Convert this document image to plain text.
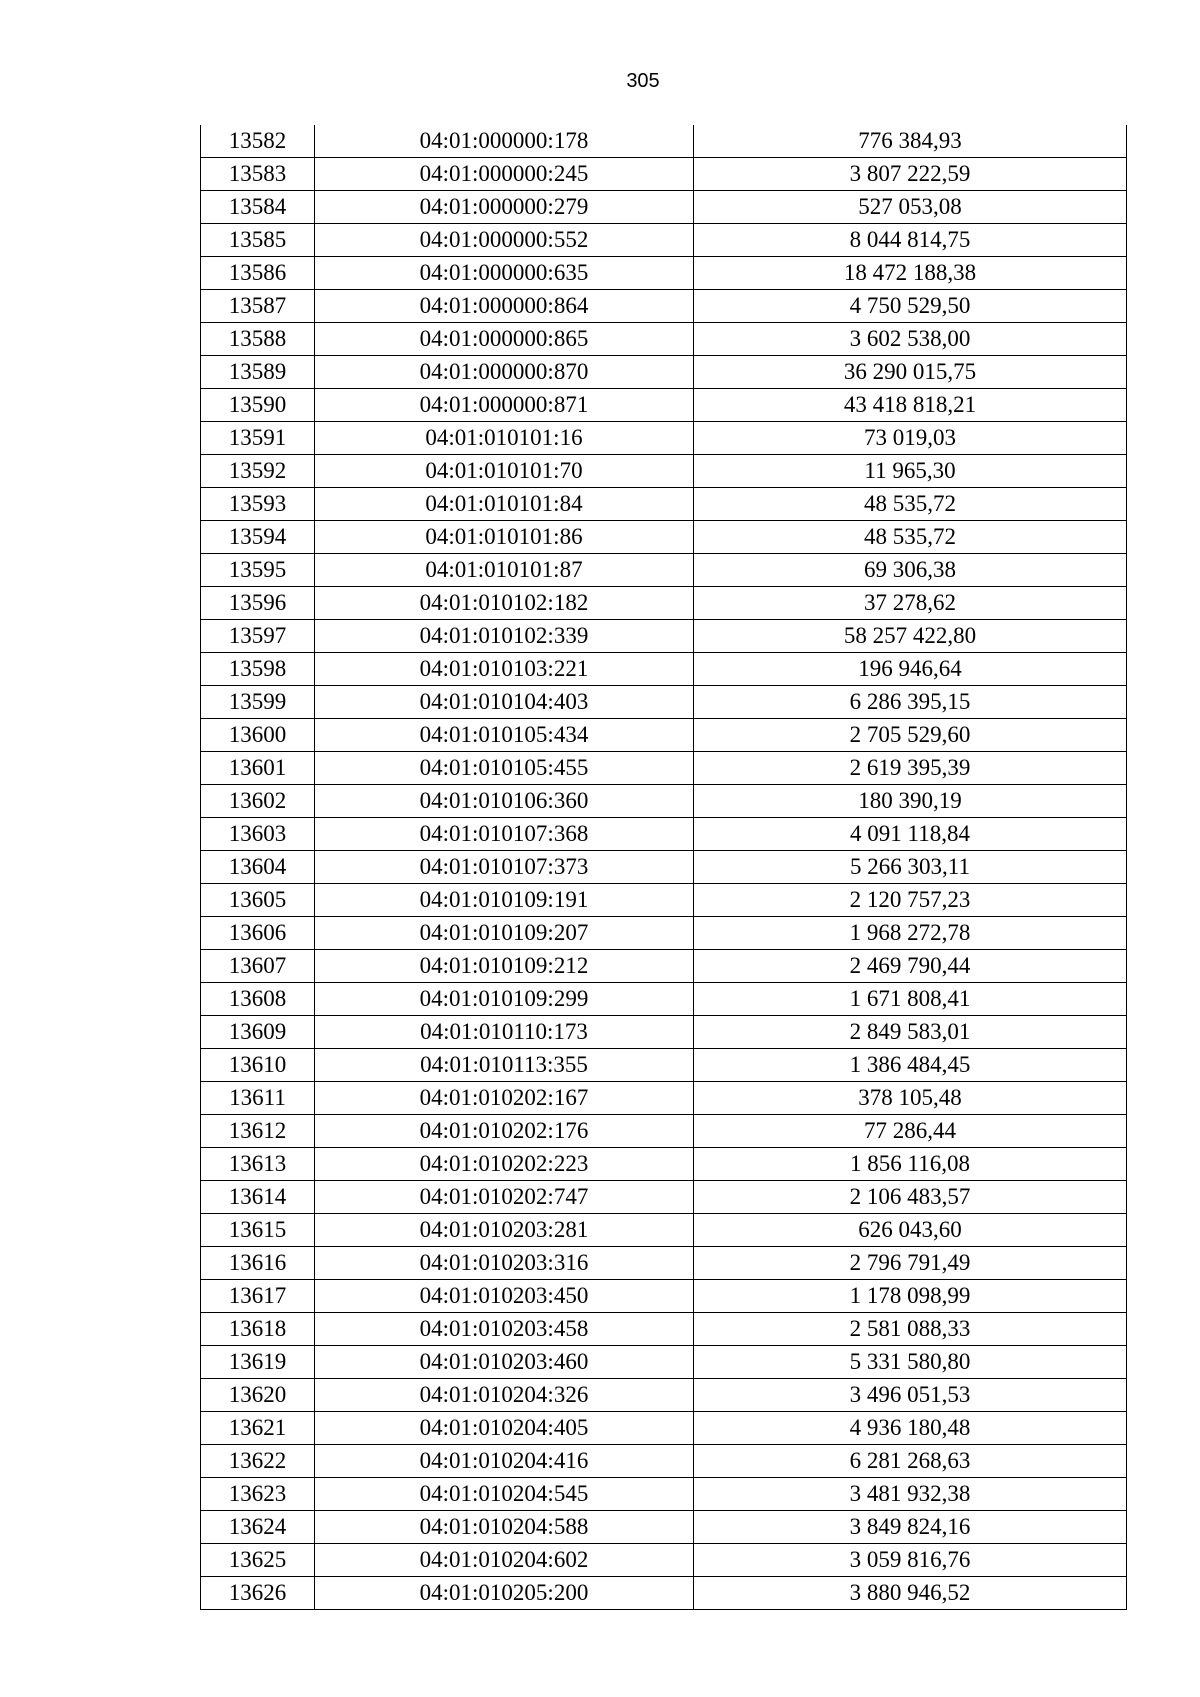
305
13582	04:01:000000:178	776 384,93
13583	04:01:000000:245	3 807 222,59
13584	04:01:000000:279	527 053,08
13585	04:01:000000:552	8 044 814,75
13586	04:01:000000:635	18 472 188,38
13587	04:01:000000:864	4 750 529,50
13588	04:01:000000:865	3 602 538,00
13589	04:01:000000:870	36 290 015,75
13590	04:01:000000:871	43 418 818,21
13591	04:01:010101:16	73 019,03
13592	04:01:010101:70	11 965,30
13593	04:01:010101:84	48 535,72
13594	04:01:010101:86	48 535,72
13595	04:01:010101:87	69 306,38
13596	04:01:010102:182	37 278,62
13597	04:01:010102:339	58 257 422,80
13598	04:01:010103:221	196 946,64
13599	04:01:010104:403	6 286 395,15
13600	04:01:010105:434	2 705 529,60
13601	04:01:010105:455	2 619 395,39
13602	04:01:010106:360	180 390,19
13603	04:01:010107:368	4 091 118,84
13604	04:01:010107:373	5 266 303,11
13605	04:01:010109:191	2 120 757,23
13606	04:01:010109:207	1 968 272,78
13607	04:01:010109:212	2 469 790,44
13608	04:01:010109:299	1 671 808,41
13609	04:01:010110:173	2 849 583,01
13610	04:01:010113:355	1 386 484,45
13611	04:01:010202:167	378 105,48
13612	04:01:010202:176	77 286,44
13613	04:01:010202:223	1 856 116,08
13614	04:01:010202:747	2 106 483,57
13615	04:01:010203:281	626 043,60
13616	04:01:010203:316	2 796 791,49
13617	04:01:010203:450	1 178 098,99
13618	04:01:010203:458	2 581 088,33
13619	04:01:010203:460	5 331 580,80
13620	04:01:010204:326	3 496 051,53
13621	04:01:010204:405	4 936 180,48
13622	04:01:010204:416	6 281 268,63
13623	04:01:010204:545	3 481 932,38
13624	04:01:010204:588	3 849 824,16
13625	04:01:010204:602	3 059 816,76
13626	04:01:010205:200	3 880 946,52
